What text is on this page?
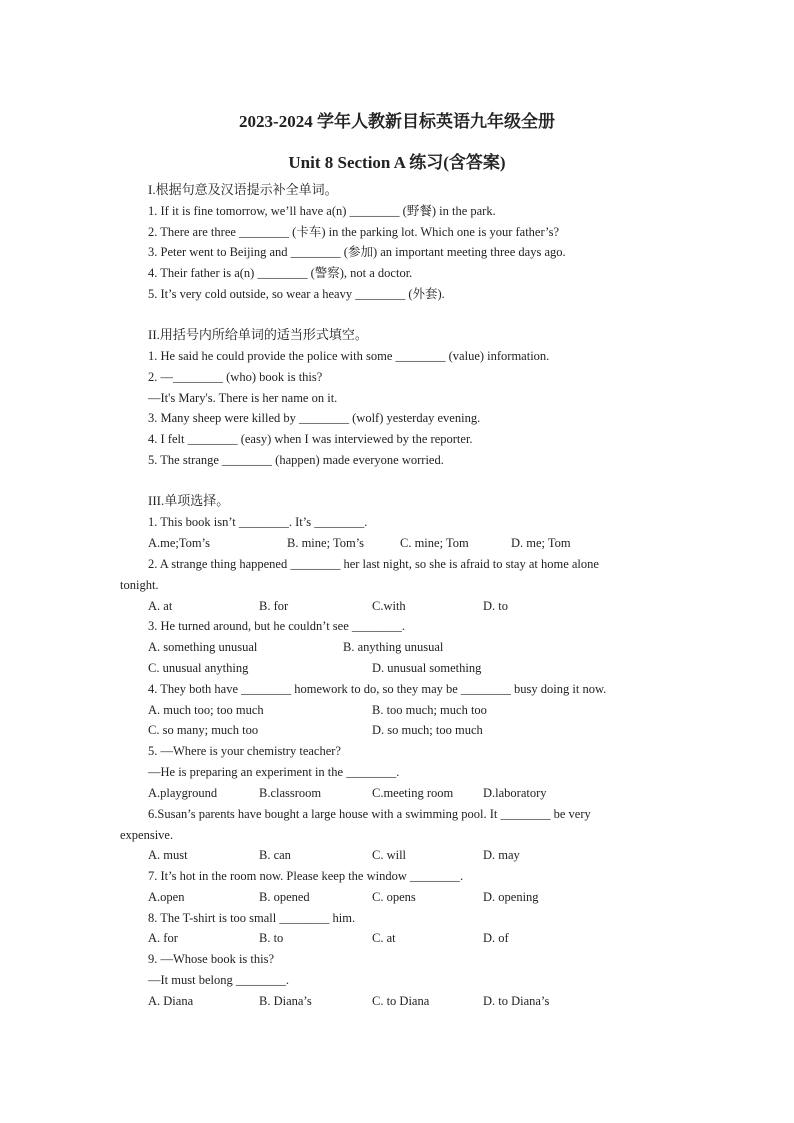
2023-2024 学年人教新目标英语九年级全册
Unit 8 Section A 练习(含答案)
I.根据句意及汉语提示补全单词。
1. If it is fine tomorrow, we’ll have a(n) ________ (野餐) in the park.
2. There are three ________ (卡车) in the parking lot. Which one is your father’s?
3. Peter went to Beijing and ________ (参加) an important meeting three days ago.
4. Their father is a(n) ________ (警察), not a doctor.
5. It’s very cold outside, so wear a heavy ________ (外套).
II.用括号内所给单词的适当形式填空。
1. He said he could provide the police with some ________ (value) information.
2. —________ (who) book is this?
—It's Mary's. There is her name on it.
3. Many sheep were killed by ________ (wolf) yesterday evening.
4. I felt ________ (easy) when I was interviewed by the reporter.
5. The strange ________ (happen) made everyone worried.
III.单项选择。
1. This book isn’t ________. It’s ________.
A.me;Tom’s	B. mine; Tom’s	C. mine; Tom	D. me; Tom
2. A strange thing happened ________ her last night, so she is afraid to stay at home alone
tonight.
A. at	B. for	C.with	D. to
3. He turned around, but he couldn’t see ________.
A. something unusual	B. anything unusual
C. unusual anything	D. unusual something
4. They both have ________ homework to do, so they may be ________ busy doing it now.
A. much too; too much	B. too much; much too
C. so many; much too	D. so much; too much
5. —Where is your chemistry teacher?
—He is preparing an experiment in the ________.
A.playground	B.classroom	C.meeting room D.laboratory
6.Susan’s parents have bought a large house with a swimming pool. It ________ be very
expensive.
A. must	B. can	C. will	D. may
7. It’s hot in the room now. Please keep the window ________.
A.open	B. opened	C. opens	D. opening
8. The T-shirt is too small ________ him.
A. for	B. to	C. at	D. of
9. —Whose book is this?
—It must belong ________.
A. Diana	B. Diana’s	C. to Diana	D. to Diana’s
